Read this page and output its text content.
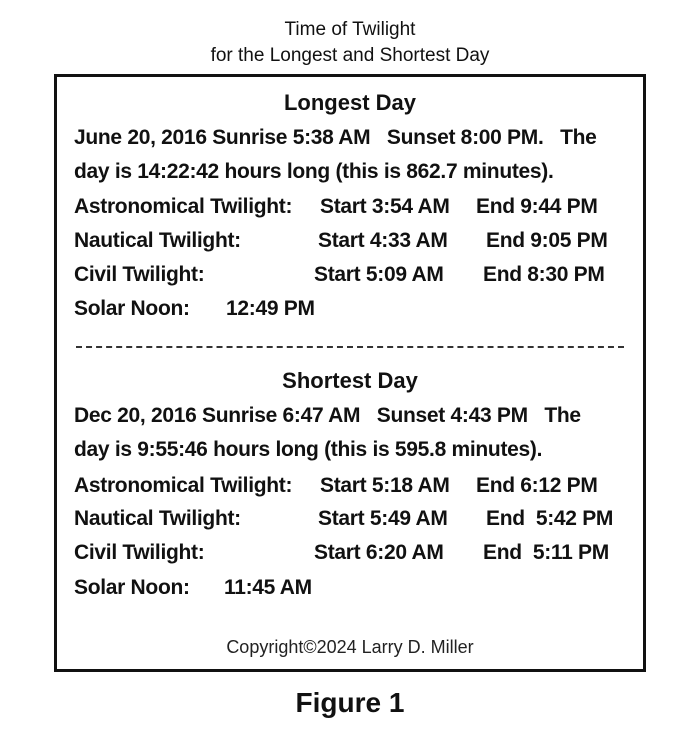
Time of Twilight
for the Longest and Shortest Day
Longest Day
June 20, 2016 Sunrise 5:38 AM   Sunset 8:00 PM.   The
day is 14:22:42 hours long (this is 862.7 minutes).
Astronomical Twilight: Start 3:54 AM End 9:44 PM
Nautical Twilight:	Start 4:33 AM End 9:05 PM
Civil Twilight:	Start 5:09 AM End 8:30 PM
Solar Noon: 12:49 PM
Shortest Day
Dec 20, 2016 Sunrise 6:47 AM   Sunset 4:43 PM   The
day is 9:55:46 hours long (this is 595.8 minutes).
Astronomical Twilight: Start 5:18 AM End 6:12 PM
Nautical Twilight:	Start 5:49 AM End  5:42 PM
Civil Twilight:	Start 6:20 AM End  5:11 PM
Solar Noon: 11:45 AM
Copyright©2024 Larry D. Miller
Figure 1
